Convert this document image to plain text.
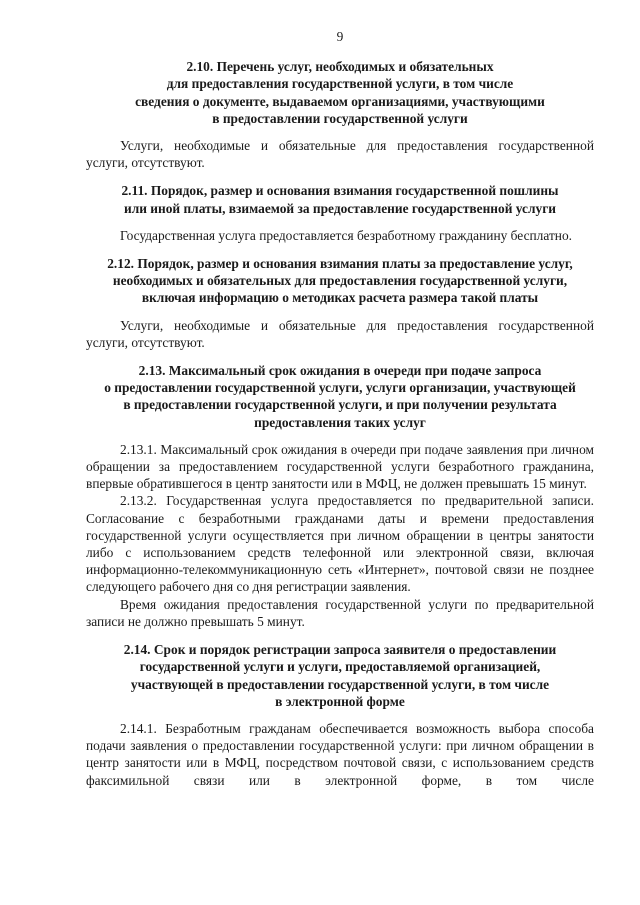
9
2.10. Перечень услуг, необходимых и обязательных
для предоставления государственной услуги, в том числе
сведения о документе, выдаваемом организациями, участвующими
в предоставлении государственной услуги

Услуги, необходимые и обязательные для предоставления государственной услуги, отсутствуют.

2.11. Порядок, размер и основания взимания государственной пошлины
или иной платы, взимаемой за предоставление государственной услуги

Государственная услуга предоставляется безработному гражданину бесплатно.

2.12. Порядок, размер и основания взимания платы за предоставление услуг,
необходимых и обязательных для предоставления государственной услуги,
включая информацию о методиках расчета размера такой платы

Услуги, необходимые и обязательные для предоставления государственной услуги, отсутствуют.

2.13. Максимальный срок ожидания в очереди при подаче запроса
о предоставлении государственной услуги, услуги организации, участвующей
в предоставлении государственной услуги, и при получении результата
предоставления таких услуг

2.13.1. Максимальный срок ожидания в очереди при подаче заявления при личном обращении за предоставлением государственной услуги безработного гражданина, впервые обратившегося в центр занятости или в МФЦ, не должен превышать 15 минут.

2.13.2. Государственная услуга предоставляется по предварительной записи. Согласование с безработными гражданами даты и времени предоставления государственной услуги осуществляется при личном обращении в центры занятости либо с использованием средств телефонной или электронной связи, включая информационно-телекоммуникационную сеть «Интернет», почтовой связи не позднее следующего рабочего дня со дня регистрации заявления.

Время ожидания предоставления государственной услуги по предварительной записи не должно превышать 5 минут.

2.14. Срок и порядок регистрации запроса заявителя о предоставлении
государственной услуги и услуги, предоставляемой организацией,
участвующей в предоставлении государственной услуги, в том числе
в электронной форме

2.14.1. Безработным гражданам обеспечивается возможность выбора способа подачи заявления о предоставлении государственной услуги: при личном обращении в центр занятости или в МФЦ, посредством почтовой связи, с использованием средств факсимильной связи или в электронной форме, в том числе
